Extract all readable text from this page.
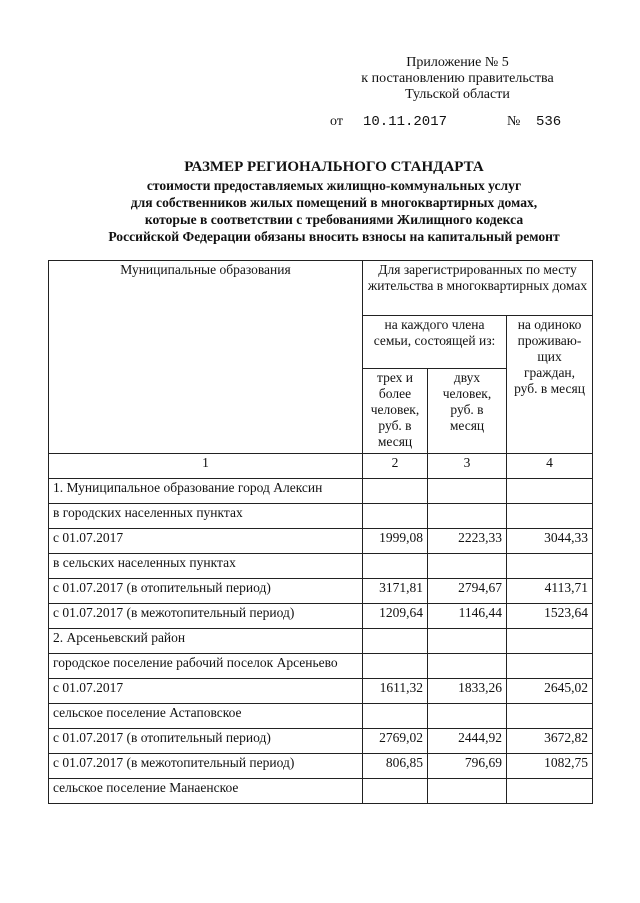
Приложение № 5
к постановлению правительства
Тульской области
от 10.11.2017	№ 536
РАЗМЕР РЕГИОНАЛЬНОГО СТАНДАРТА
стоимости предоставляемых жилищно-коммунальных услуг
для собственников жилых помещений в многоквартирных домах,
которые в соответствии с требованиями Жилищного кодекса
Российской Федерации обязаны вносить взносы на капитальный ремонт
Муниципальные образования	Для зарегистрированных по месту жительства в многоквартирных домах		
	на каждого члена семьи, состоящей из:		на одиноко проживаю-щих граждан, руб. в месяц
	трех и более человек, руб. в месяц	двух человек, руб. в месяц	
1	2	3	4
1. Муниципальное образование город Алексин			
в городских населенных пунктах			
с 01.07.2017	1999,08	2223,33	3044,33
в сельских населенных пунктах			
с 01.07.2017 (в отопительный период)	3171,81	2794,67	4113,71
с 01.07.2017 (в межотопительный период)	1209,64	1146,44	1523,64
2. Арсеньевский район			
городское поселение рабочий поселок Арсеньево			
с 01.07.2017	1611,32	1833,26	2645,02
сельское поселение Астаповское			
с 01.07.2017 (в отопительный период)	2769,02	2444,92	3672,82
с 01.07.2017 (в межотопительный период)	806,85	796,69	1082,75
сельское поселение Манаенское			
